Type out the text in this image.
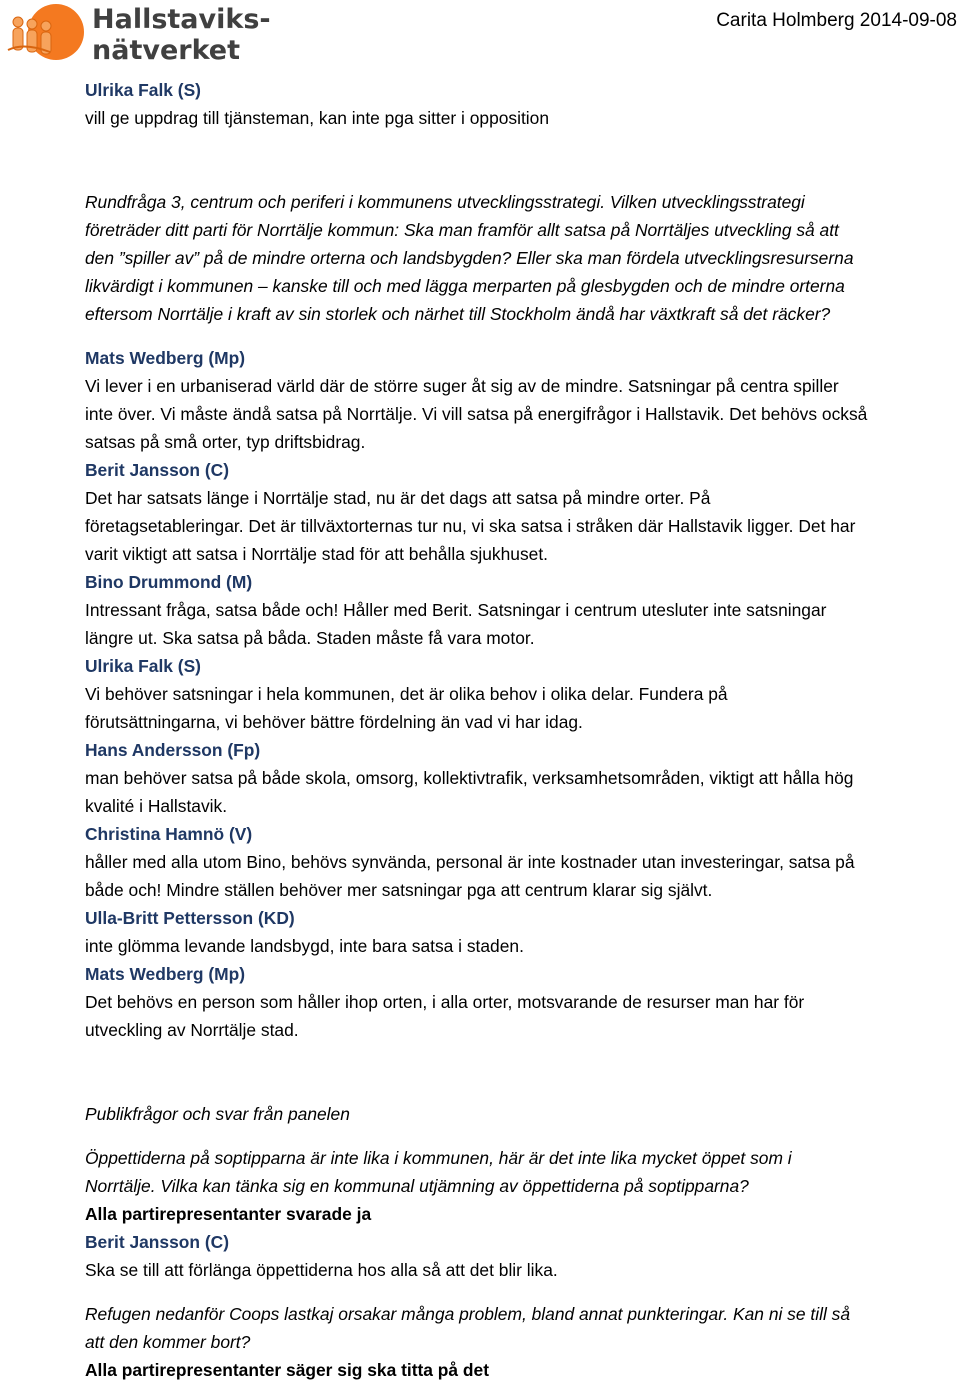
Hallstaviks-
nätverket
Carita Holmberg 2014-09-08

Ulrika Falk (S)

vill ge uppdrag till tjänsteman, kan inte pga sitter i opposition

Rundfråga 3, centrum och periferi i kommunens utvecklingsstrategi. Vilken utvecklingsstrategi
företräder ditt parti för Norrtälje kommun: Ska man framför allt satsa på Norrtäljes utveckling så att
den ”spiller av” på de mindre orterna och landsbygden? Eller ska man fördela utvecklingsresurserna
likvärdigt i kommunen – kanske till och med lägga merparten på glesbygden och de mindre orterna
eftersom Norrtälje i kraft av sin storlek och närhet till Stockholm ändå har växtkraft så det räcker?
Mats Wedberg (Mp)
Vi lever i en urbaniserad värld där de större suger åt sig av de mindre. Satsningar på centra spiller
inte över. Vi måste ändå satsa på Norrtälje. Vi vill satsa på energifrågor i Hallstavik. Det behövs också
satsas på små orter, typ driftsbidrag.
Berit Jansson (C)
Det har satsats länge i Norrtälje stad, nu är det dags att satsa på mindre orter. På
företagsetableringar. Det är tillväxtorternas tur nu, vi ska satsa i stråken där Hallstavik ligger. Det har
varit viktigt att satsa i Norrtälje stad för att behålla sjukhuset.
Bino Drummond (M)
Intressant fråga, satsa både och! Håller med Berit. Satsningar i centrum utesluter inte satsningar
längre ut. Ska satsa på båda. Staden måste få vara motor.
Ulrika Falk (S)
Vi behöver satsningar i hela kommunen, det är olika behov i olika delar. Fundera på
förutsättningarna, vi behöver bättre fördelning än vad vi har idag.
Hans Andersson (Fp)
man behöver satsa på både skola, omsorg, kollektivtrafik, verksamhetsområden, viktigt att hålla hög
kvalité i Hallstavik.
Christina Hamnö (V)
håller med alla utom Bino, behövs synvända, personal är inte kostnader utan investeringar, satsa på
både och! Mindre ställen behöver mer satsningar pga att centrum klarar sig självt.
Ulla-Britt Pettersson (KD)
inte glömma levande landsbygd, inte bara satsa i staden.
Mats Wedberg (Mp)
Det behövs en person som håller ihop orten, i alla orter, motsvarande de resurser man har för
utveckling av Norrtälje stad.
Publikfrågor och svar från panelen
Öppettiderna på soptipparna är inte lika i kommunen, här är det inte lika mycket öppet som i
Norrtälje. Vilka kan tänka sig en kommunal utjämning av öppettiderna på soptipparna?
Alla partirepresentanter svarade ja
Berit Jansson (C)
Ska se till att förlänga öppettiderna hos alla så att det blir lika.
Refugen nedanför Coops lastkaj orsakar många problem, bland annat punkteringar. Kan ni se till så
att den kommer bort?
Alla partirepresentanter säger sig ska titta på det
